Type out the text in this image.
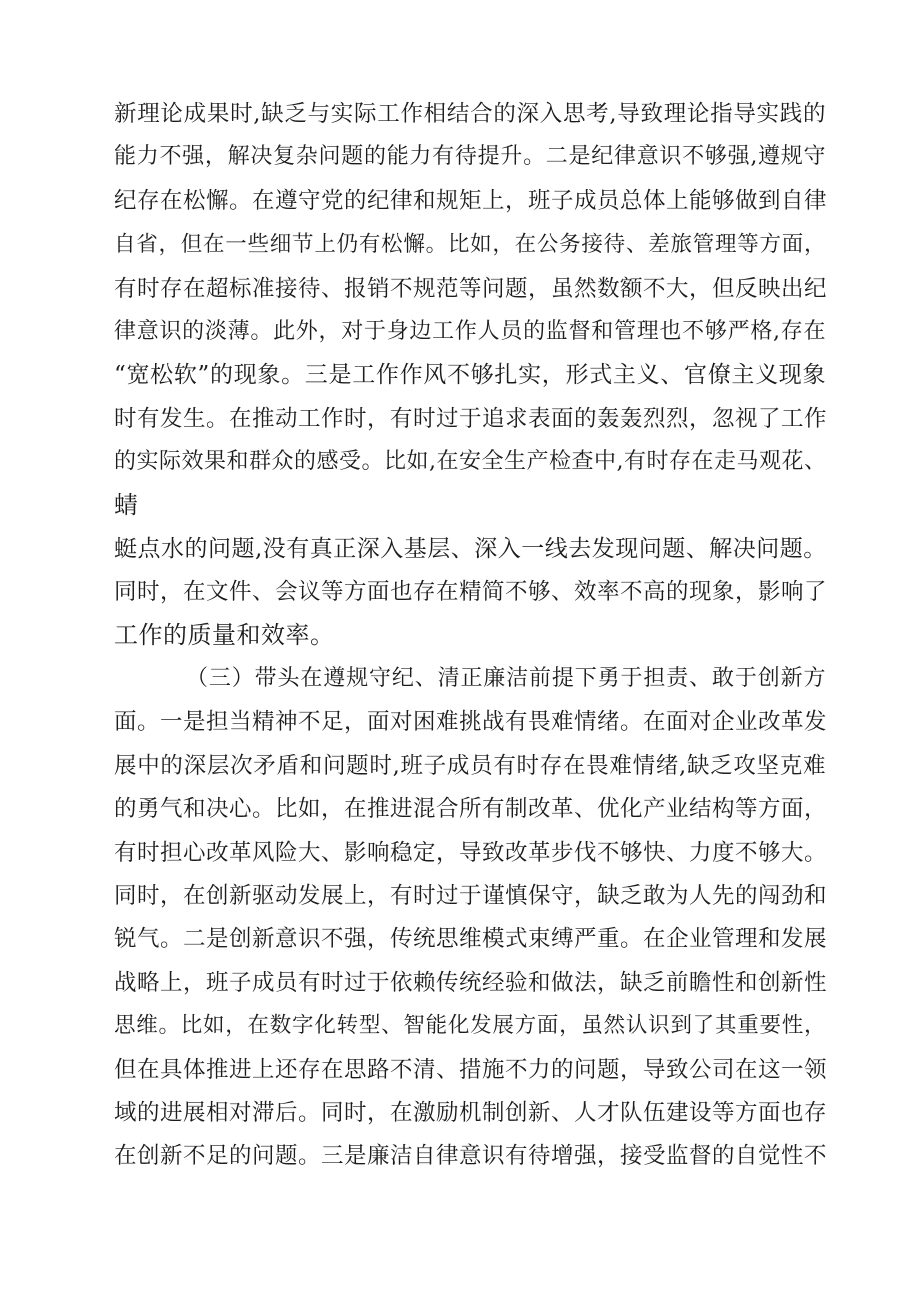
新理论成果时,缺乏与实际工作相结合的深入思考,导致理论指导实践的
能力不强，解决复杂问题的能力有待提升。二是纪律意识不够强,遵规守
纪存在松懈。在遵守党的纪律和规矩上，班子成员总体上能够做到自律
自省，但在一些细节上仍有松懈。比如，在公务接待、差旅管理等方面，
有时存在超标准接待、报销不规范等问题，虽然数额不大，但反映出纪
律意识的淡薄。此外，对于身边工作人员的监督和管理也不够严格,存在
“宽松软”的现象。三是工作作风不够扎实，形式主义、官僚主义现象
时有发生。在推动工作时，有时过于追求表面的轰轰烈烈，忽视了工作
的实际效果和群众的感受。比如,在安全生产检查中,有时存在走马观花、
蜻
蜓点水的问题,没有真正深入基层、深入一线去发现问题、解决问题。
同时，在文件、会议等方面也存在精简不够、效率不高的现象，影响了
工作的质量和效率。
（三）带头在遵规守纪、清正廉洁前提下勇于担责、敢于创新方
面。一是担当精神不足，面对困难挑战有畏难情绪。在面对企业改革发
展中的深层次矛盾和问题时,班子成员有时存在畏难情绪,缺乏攻坚克难
的勇气和决心。比如，在推进混合所有制改革、优化产业结构等方面，
有时担心改革风险大、影响稳定，导致改革步伐不够快、力度不够大。
同时，在创新驱动发展上，有时过于谨慎保守，缺乏敢为人先的闯劲和
锐气。二是创新意识不强，传统思维模式束缚严重。在企业管理和发展
战略上，班子成员有时过于依赖传统经验和做法，缺乏前瞻性和创新性
思维。比如，在数字化转型、智能化发展方面，虽然认识到了其重要性，
但在具体推进上还存在思路不清、措施不力的问题，导致公司在这一领
域的进展相对滞后。同时，在激励机制创新、人才队伍建设等方面也存
在创新不足的问题。三是廉洁自律意识有待增强，接受监督的自觉性不
